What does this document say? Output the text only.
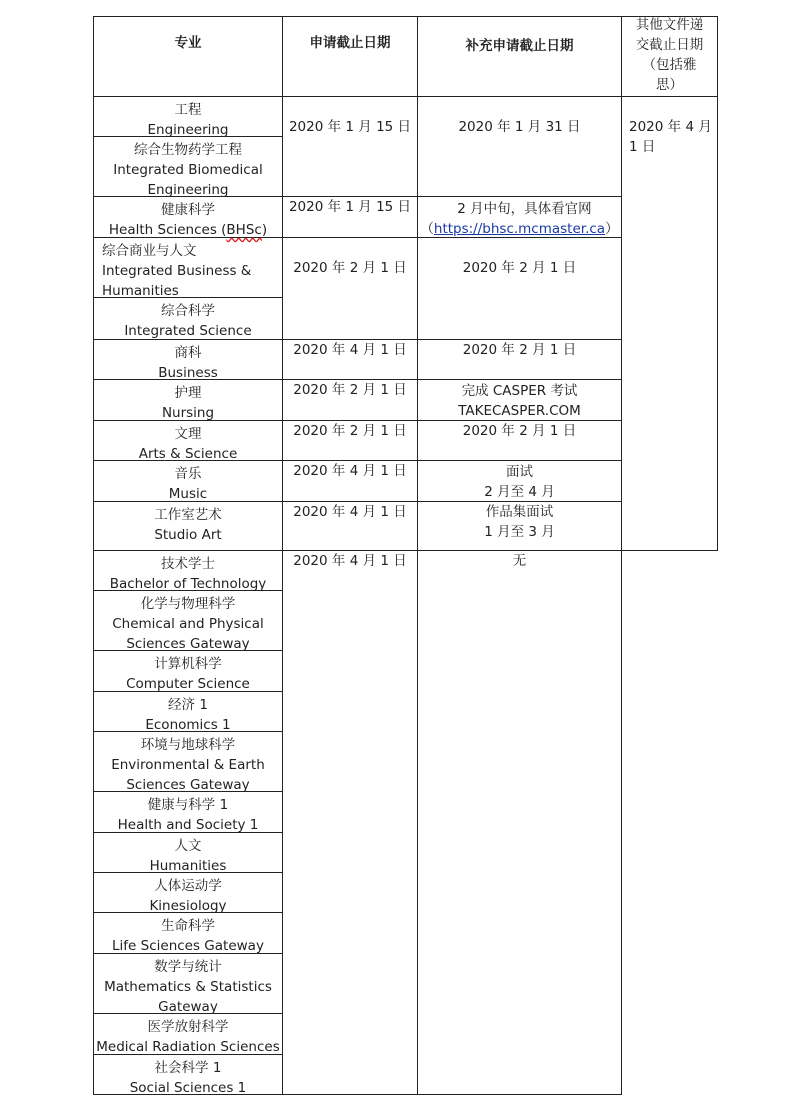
专业	申请截止日期	补充申请截止日期
其他文件递
交截止日期
（包括雅
思）
工程
Engineering
综合生物药学工程
Integrated Biomedical
Engineering
健康科学
Health Sciences (BHSc)
综合商业与人文
Integrated Business &
Humanities
综合科学
Integrated Science
商科
Business
护理
Nursing
文理
Arts & Science
音乐
Music
工作室艺术
Studio Art
技术学士
Bachelor of Technology
化学与物理科学
Chemical and Physical
Sciences Gateway
计算机科学
Computer Science
经济 1
Economics 1
环境与地球科学
Environmental & Earth
Sciences Gateway
健康与科学 1
Health and Society 1
人文
Humanities
人体运动学
Kinesiology
生命科学
Life Sciences Gateway
数学与统计
Mathematics & Statistics
Gateway
医学放射科学
Medical Radiation Sciences
社会科学 1
Social Sciences 1
2020 年 1 月 15 日
2020 年 1 月 15 日
2020 年 2 月 1 日
2020 年 4 月 1 日
2020 年 2 月 1 日
2020 年 2 月 1 日
2020 年 4 月 1 日
2020 年 4 月 1 日
2020 年 4 月 1 日
2020 年 1 月 31 日
2 月中旬，具体看官网
（https://bhsc.mcmaster.ca）
2020 年 2 月 1 日
2020 年 2 月 1 日
完成 CASPER 考试
TAKECASPER.COM
2020 年 2 月 1 日
面试
2 月至 4 月
作品集面试
1 月至 3 月
无
2020 年 4 月
1 日
